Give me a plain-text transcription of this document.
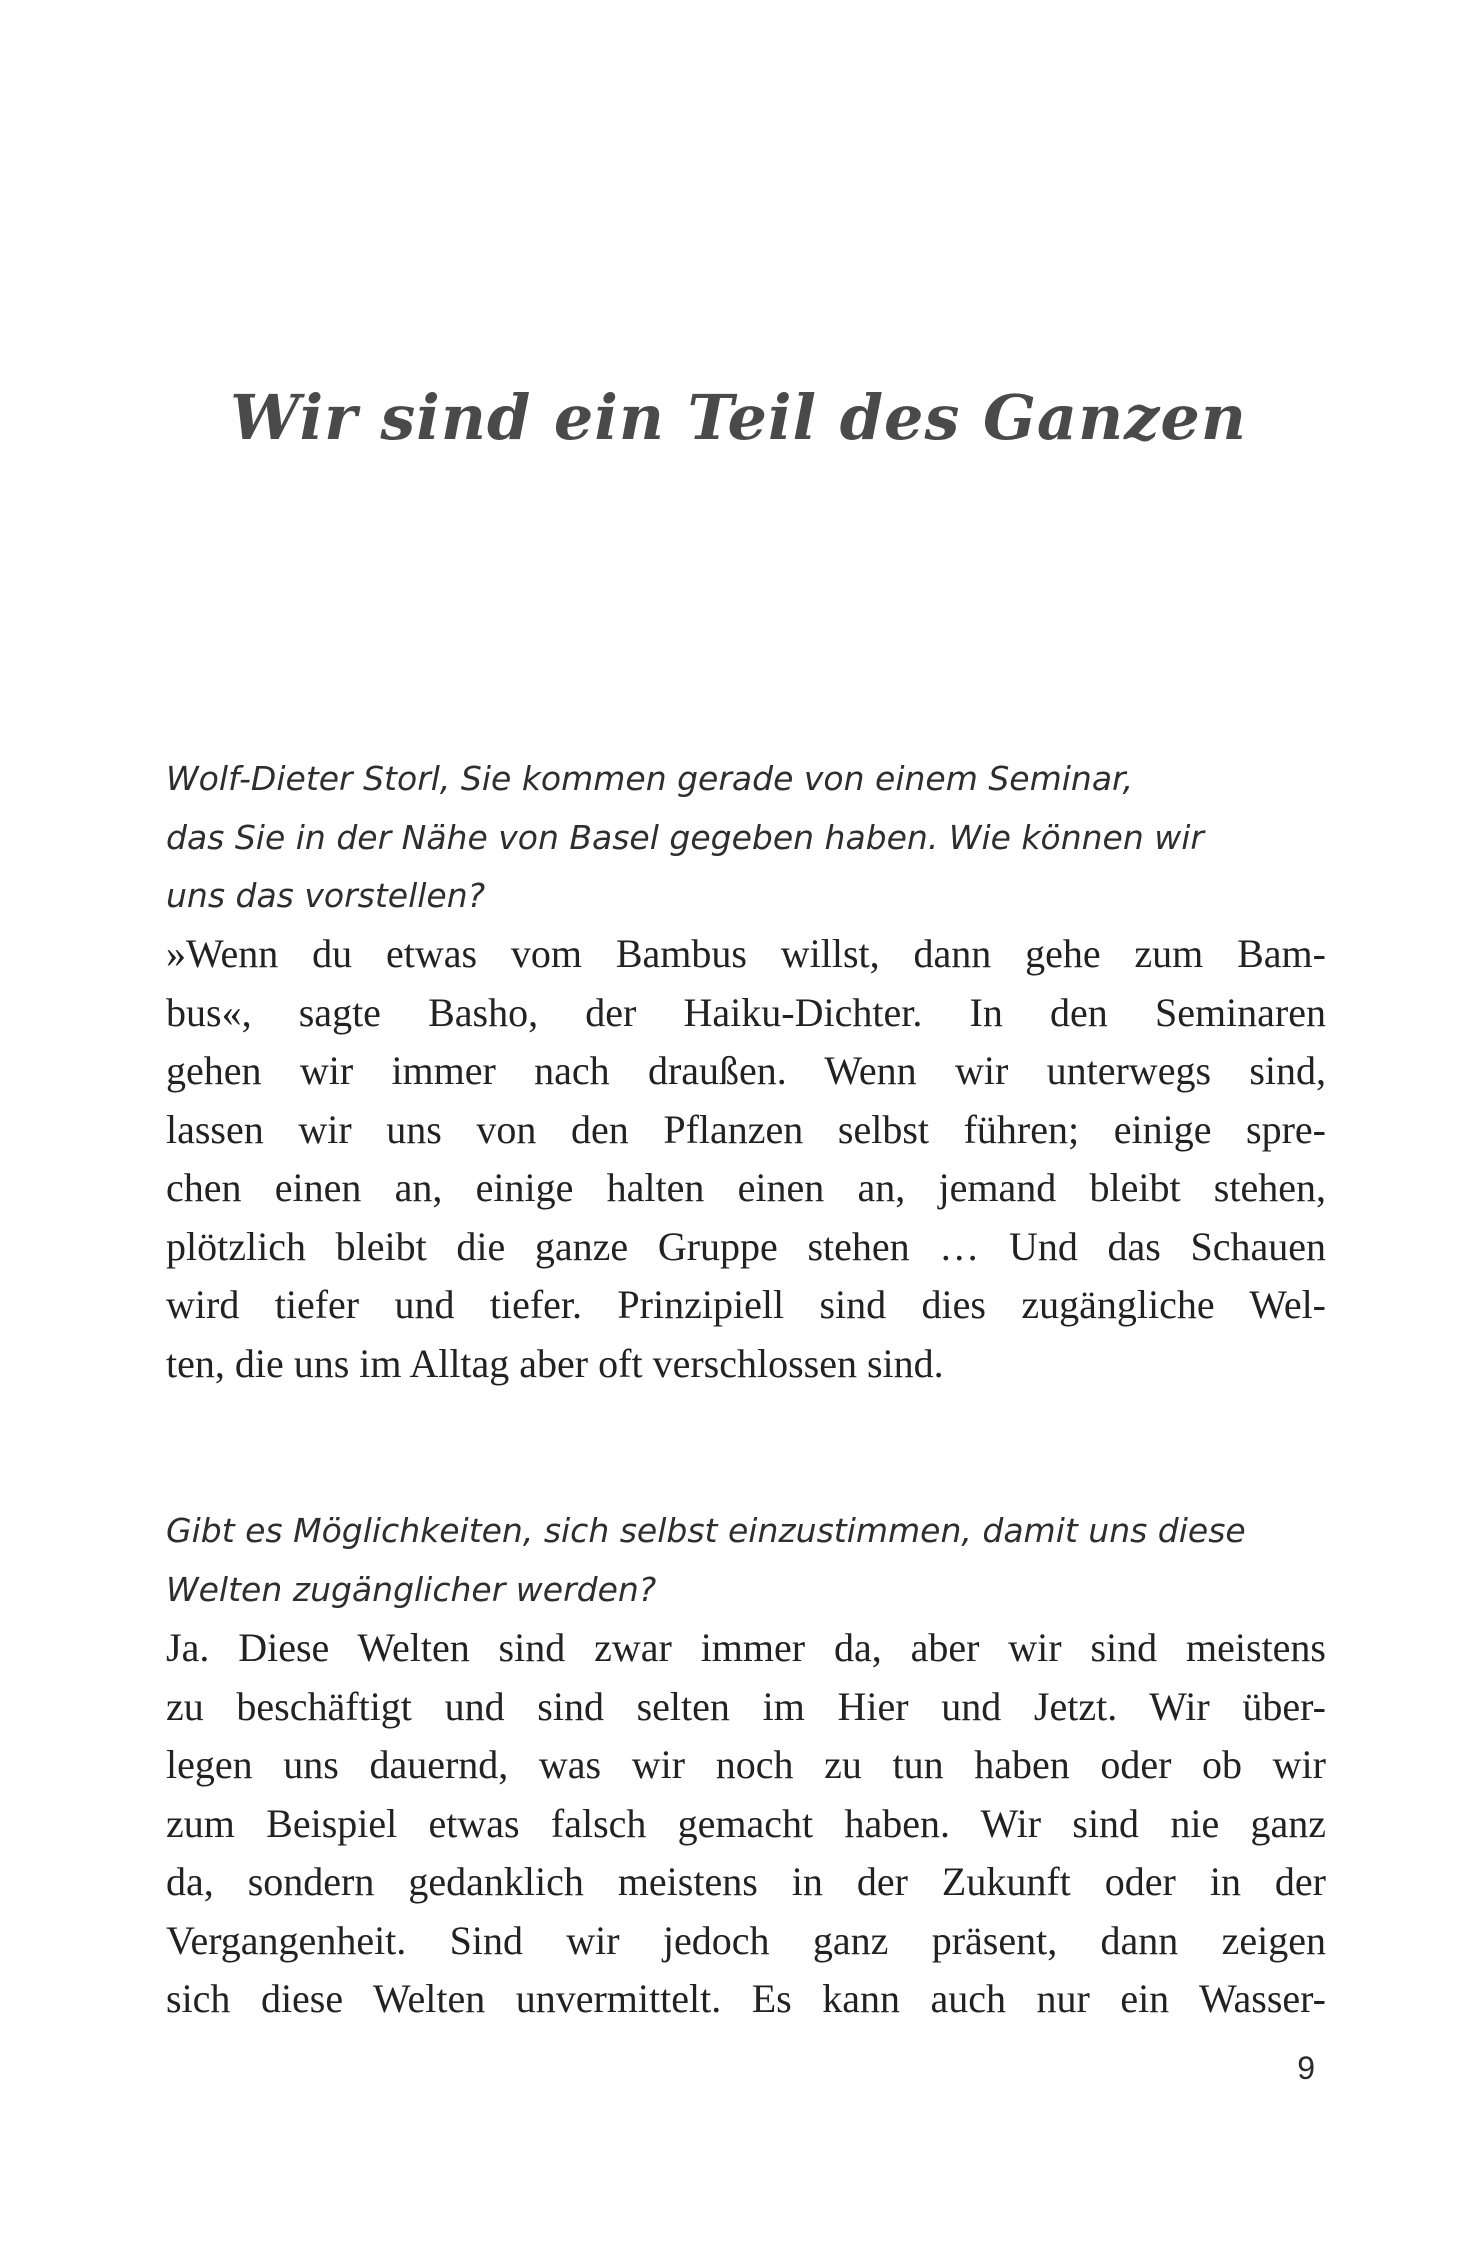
Wir sind ein Teil des Ganzen
Wolf-Dieter Storl, Sie kommen gerade von einem Seminar,
das Sie in der Nähe von Basel gegeben haben. Wie können wir
uns das vorstellen?
»Wenn du etwas vom Bambus willst, dann gehe zum Bam-
bus«, sagte Basho, der Haiku-Dichter. In den Seminaren
gehen wir immer nach draußen. Wenn wir unterwegs sind,
lassen wir uns von den Pflanzen selbst führen; einige spre-
chen einen an, einige halten einen an, jemand bleibt stehen,
plötzlich bleibt die ganze Gruppe stehen … Und das Schauen
wird tiefer und tiefer. Prinzipiell sind dies zugängliche Wel-
ten, die uns im Alltag aber oft verschlossen sind.
Gibt es Möglichkeiten, sich selbst einzustimmen, damit uns diese
Welten zugänglicher werden?
Ja. Diese Welten sind zwar immer da, aber wir sind meistens
zu beschäftigt und sind selten im Hier und Jetzt. Wir über-
legen uns dauernd, was wir noch zu tun haben oder ob wir
zum Beispiel etwas falsch gemacht haben. Wir sind nie ganz
da, sondern gedanklich meistens in der Zukunft oder in der
Vergangenheit. Sind wir jedoch ganz präsent, dann zeigen
sich diese Welten unvermittelt. Es kann auch nur ein Wasser-
9
